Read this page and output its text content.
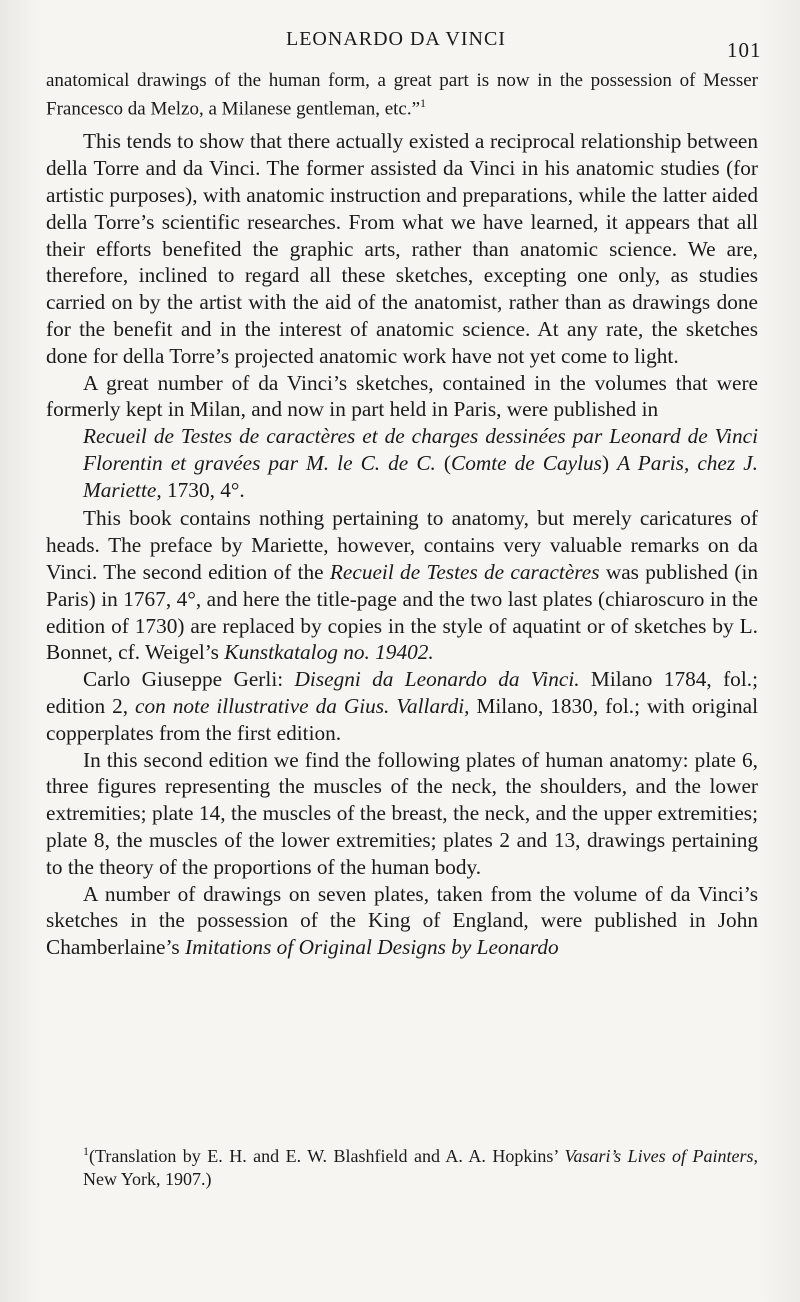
LEONARDO DA VINCI	101

anatomical drawings of the human form, a great part is now in the possession of Messer Francesco da Melzo, a Milanese gentleman, etc.”$^1$

This tends to show that there actually existed a reciprocal relationship between della Torre and da Vinci. The former assisted da Vinci in his anatomic studies (for artistic purposes), with anatomic instruction and preparations, while the latter aided della Torre’s scientific researches. From what we have learned, it appears that all their efforts benefited the graphic arts, rather than anatomic science. We are, therefore, inclined to regard all these sketches, excepting one only, as studies carried on by the artist with the aid of the anatomist, rather than as drawings done for the benefit and in the interest of anatomic science. At any rate, the sketches done for della Torre’s projected anatomic work have not yet come to light.

A great number of da Vinci’s sketches, contained in the volumes that were formerly kept in Milan, and now in part held in Paris, were published in

Recueil de Testes de caractères et de charges dessinées par Leonard de Vinci Florentin et gravées par M. le C. de C. (Comte de Caylus) A Paris, chez J. Mariette, 1730, 4°.

This book contains nothing pertaining to anatomy, but merely caricatures of heads. The preface by Mariette, however, contains very valuable remarks on da Vinci. The second edition of the Recueil de Testes de caractères was published (in Paris) in 1767, 4°, and here the title-page and the two last plates (chiaroscuro in the edition of 1730) are replaced by copies in the style of aquatint or of sketches by L. Bonnet, cf. Weigel’s Kunstkatalog no. 19402.

Carlo Giuseppe Gerli: Disegni da Leonardo da Vinci. Milano 1784, fol.; edition 2, con note illustrative da Gius. Vallardi, Milano, 1830, fol.; with original copperplates from the first edition.

In this second edition we find the following plates of human anatomy: plate 6, three figures representing the muscles of the neck, the shoulders, and the lower extremities; plate 14, the muscles of the breast, the neck, and the upper extremities; plate 8, the muscles of the lower extremities; plates 2 and 13, drawings pertaining to the theory of the proportions of the human body.

A number of drawings on seven plates, taken from the volume of da Vinci’s sketches in the possession of the King of England, were published in John Chamberlaine’s Imitations of Original Designs by Leonardo

$^1$(Translation by E. H. and E. W. Blashfield and A. A. Hopkins’ Vasari’s Lives of Painters, New York, 1907.)
